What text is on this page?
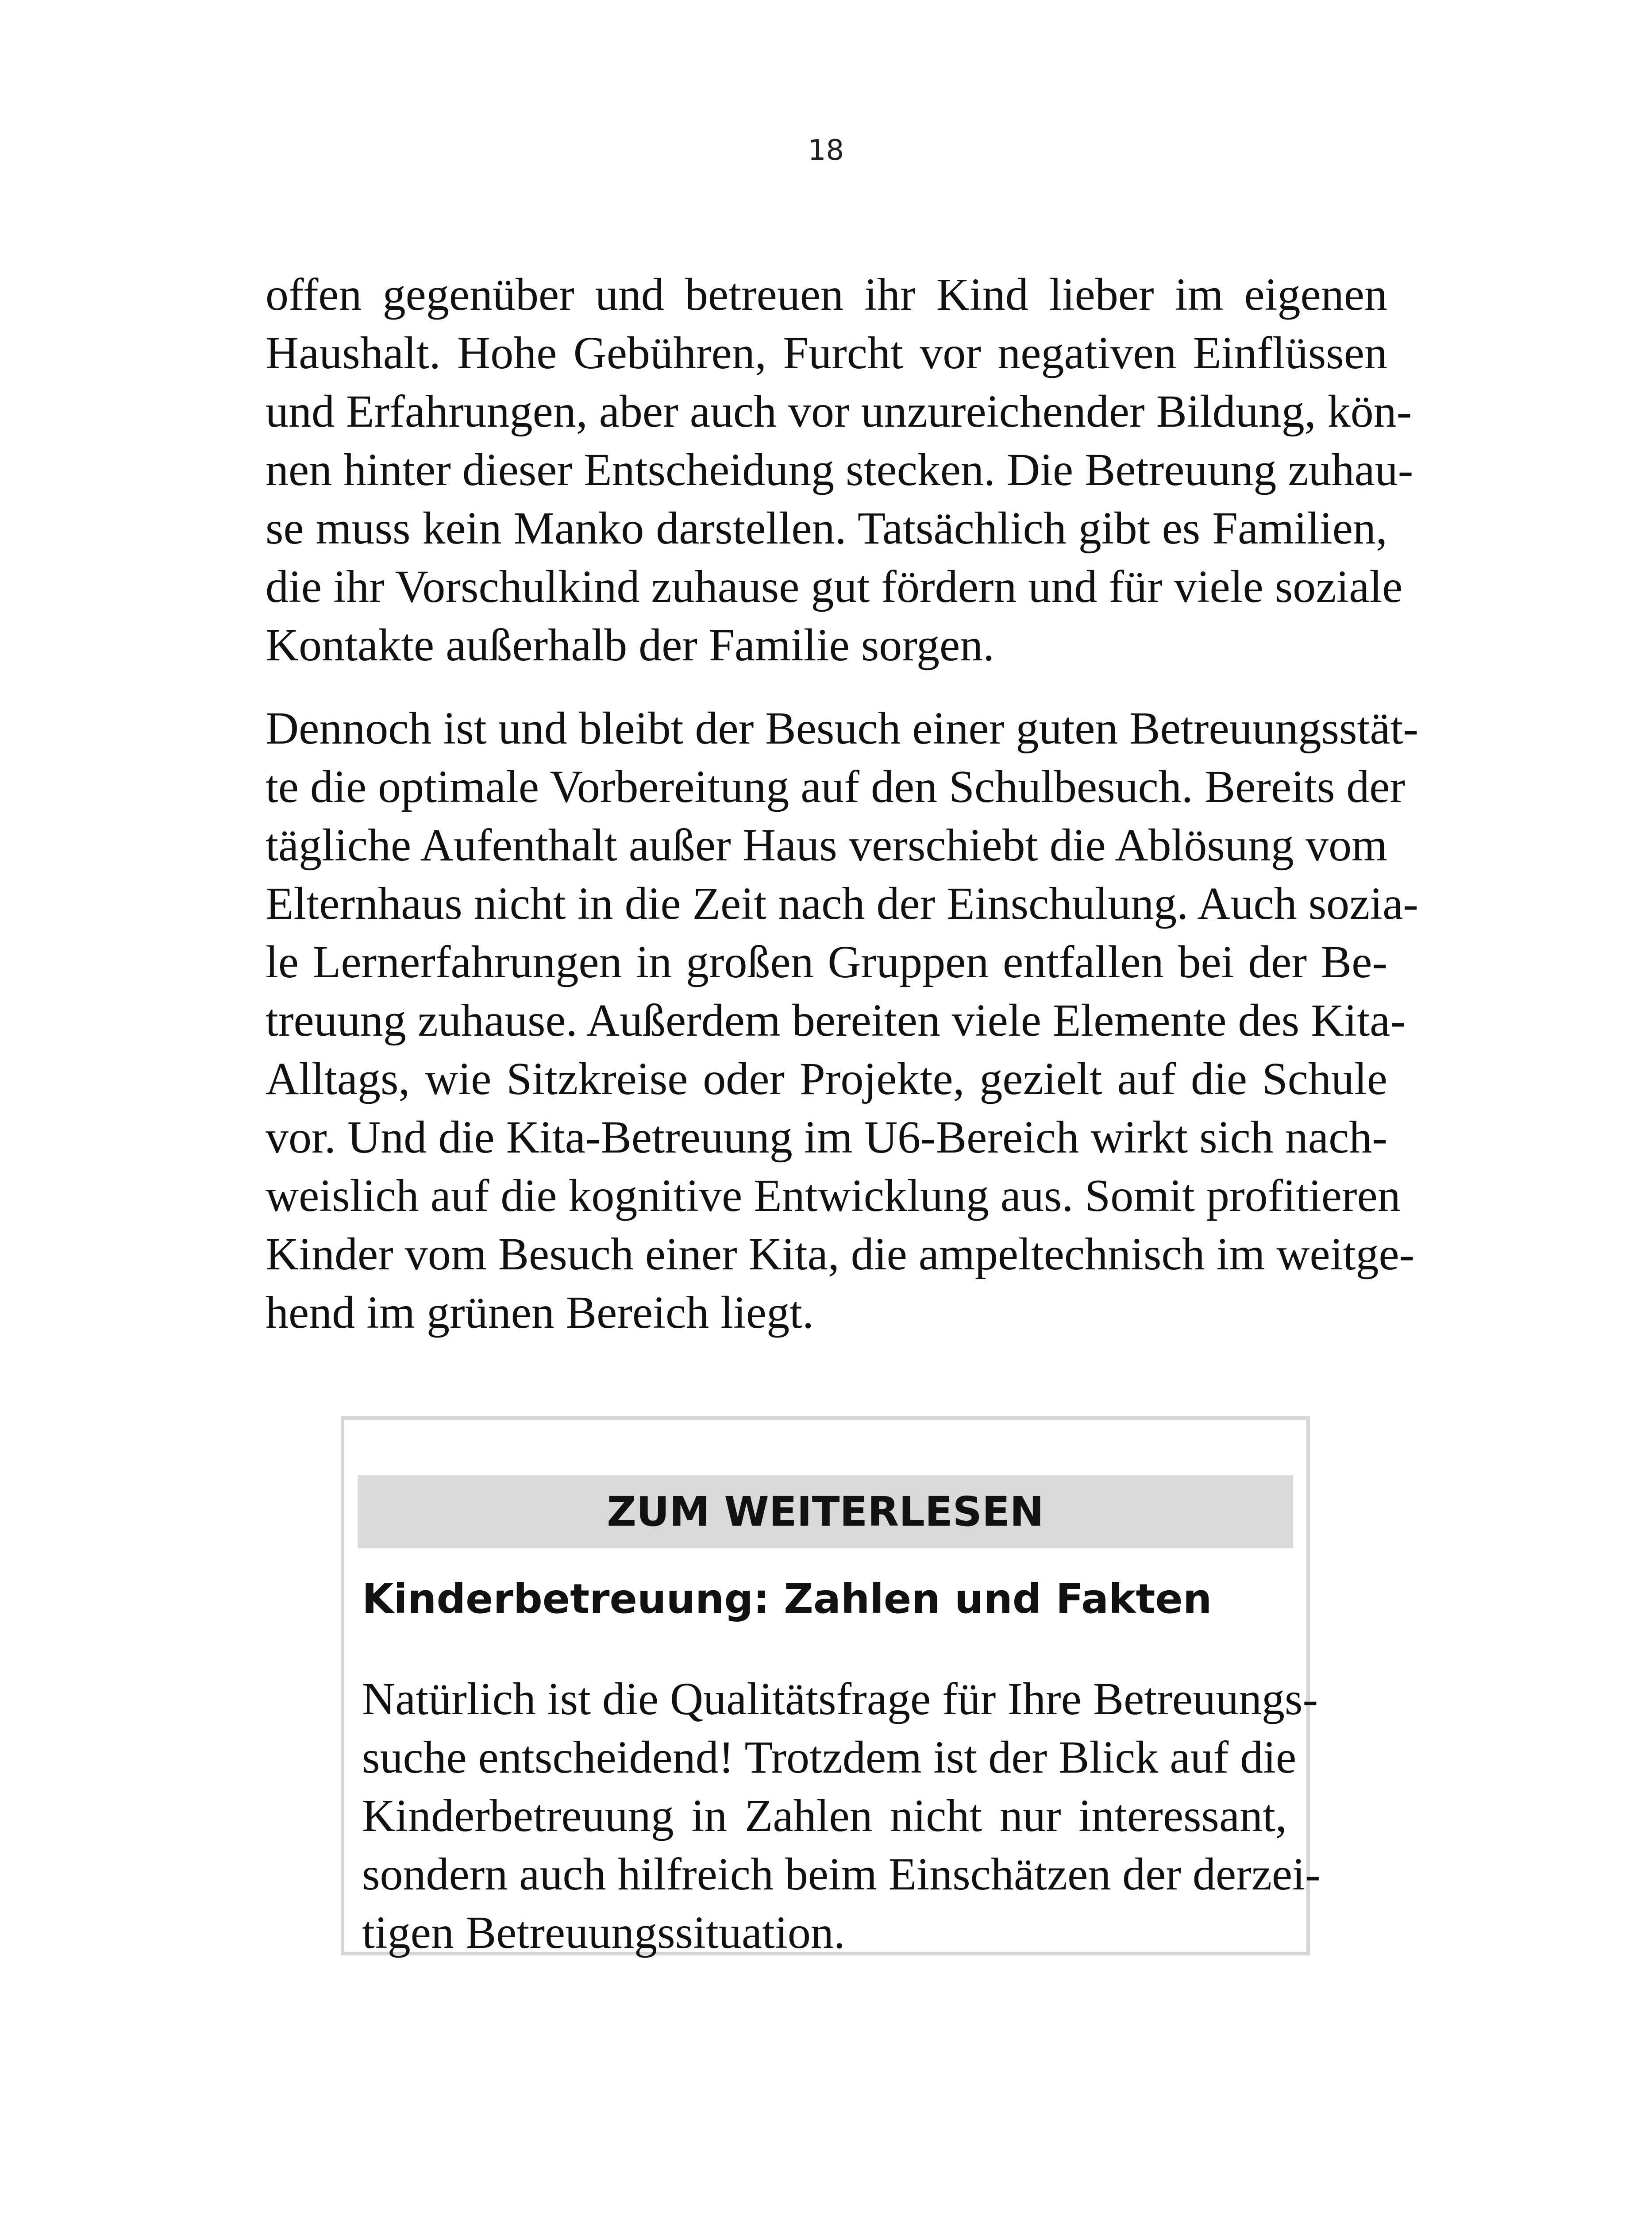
18
offen gegenüber und betreuen ihr Kind lieber im eigenen
Haushalt. Hohe Gebühren, Furcht vor negativen Einflüssen
und Erfahrungen, aber auch vor unzureichender Bildung, kön-
nen hinter dieser Entscheidung stecken. Die Betreuung zuhau-
se muss kein Manko darstellen. Tatsächlich gibt es Familien,
die ihr Vorschulkind zuhause gut fördern und für viele soziale
Kontakte außerhalb der Familie sorgen.
Dennoch ist und bleibt der Besuch einer guten Betreuungsstät-
te die optimale Vorbereitung auf den Schulbesuch. Bereits der
tägliche Aufenthalt außer Haus verschiebt die Ablösung vom
Elternhaus nicht in die Zeit nach der Einschulung. Auch sozia-
le Lernerfahrungen in großen Gruppen entfallen bei der Be-
treuung zuhause. Außerdem bereiten viele Elemente des Kita-
Alltags, wie Sitzkreise oder Projekte, gezielt auf die Schule
vor. Und die Kita-Betreuung im U6-Bereich wirkt sich nach-
weislich auf die kognitive Entwicklung aus. Somit profitieren
Kinder vom Besuch einer Kita, die ampeltechnisch im weitge-
hend im grünen Bereich liegt.
ZUM WEITERLESEN
Kinderbetreuung: Zahlen und Fakten
Natürlich ist die Qualitätsfrage für Ihre Betreuungs-
suche entscheidend! Trotzdem ist der Blick auf die
Kinderbetreuung in Zahlen nicht nur interessant,
sondern auch hilfreich beim Einschätzen der derzei-
tigen Betreuungssituation.
